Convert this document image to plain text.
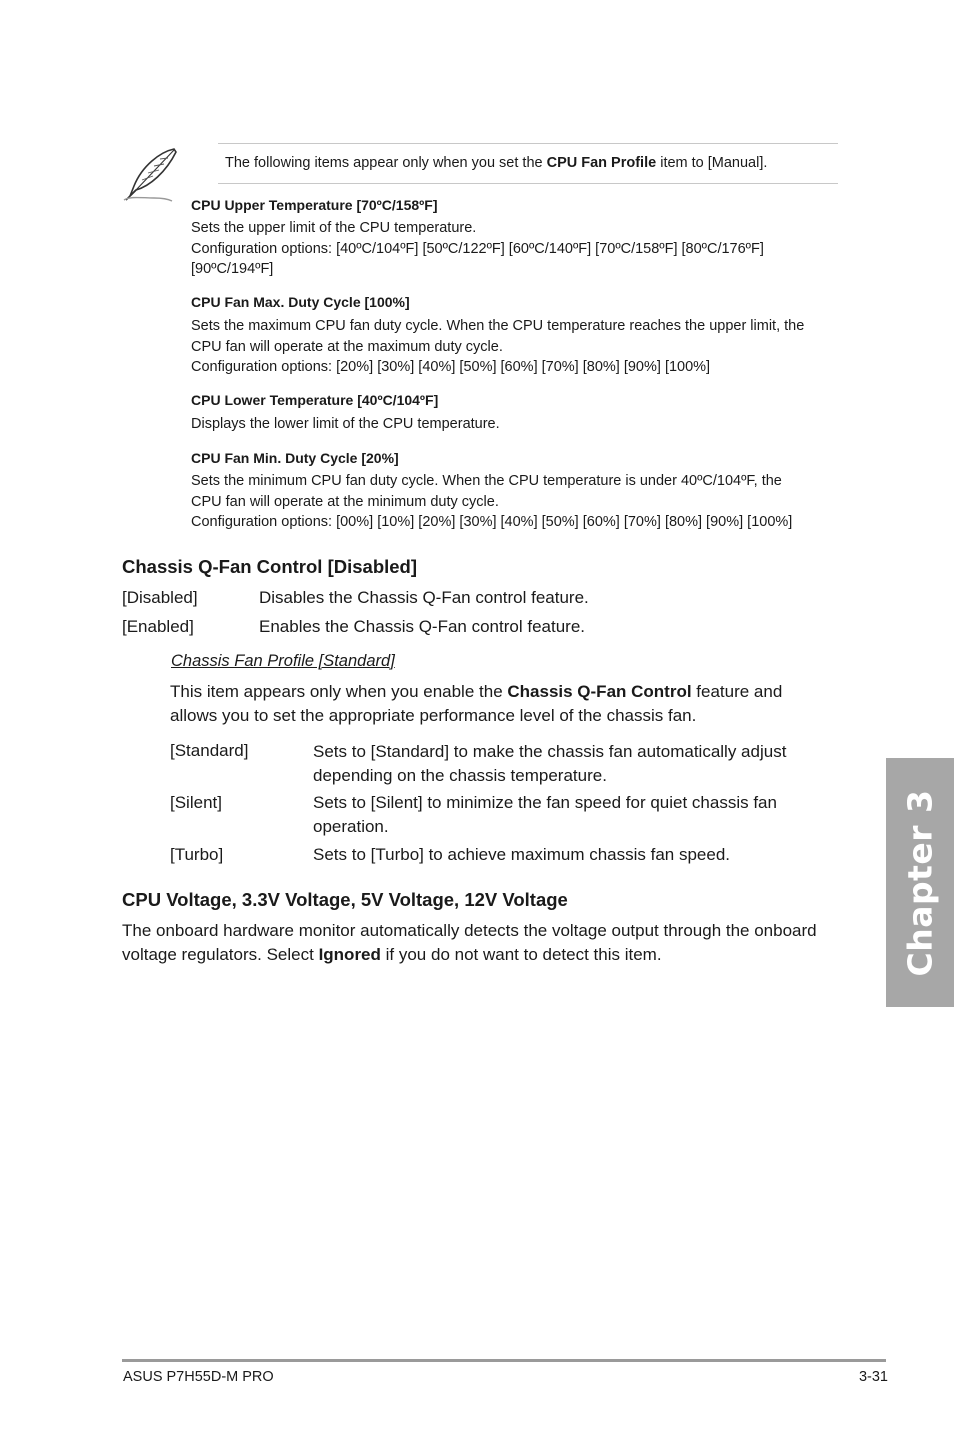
The following items appear only when you set the CPU Fan Profile item to [Manual].
CPU Upper Temperature [70ºC/158ºF]
Sets the upper limit of the CPU temperature.
Configuration options: [40ºC/104ºF] [50ºC/122ºF] [60ºC/140ºF] [70ºC/158ºF] [80ºC/176ºF]
[90ºC/194ºF]
CPU Fan Max. Duty Cycle [100%]
Sets the maximum CPU fan duty cycle. When the CPU temperature reaches the upper limit, the
CPU fan will operate at the maximum duty cycle.
Configuration options: [20%] [30%] [40%] [50%] [60%] [70%] [80%] [90%] [100%]
CPU Lower Temperature [40ºC/104ºF]
Displays the lower limit of the CPU temperature.
CPU Fan Min. Duty Cycle [20%]
Sets the minimum CPU fan duty cycle. When the CPU temperature is under 40ºC/104ºF, the
CPU fan will operate at the minimum duty cycle.
Configuration options: [00%] [10%] [20%] [30%] [40%] [50%] [60%] [70%] [80%] [90%] [100%]
Chassis Q-Fan Control [Disabled]
[Disabled]	Disables the Chassis Q-Fan control feature.
[Enabled]	Enables the Chassis Q-Fan control feature.
Chassis Fan Profile [Standard]
This item appears only when you enable the Chassis Q-Fan Control feature and
allows you to set the appropriate performance level of the chassis fan.
[Standard]	Sets to [Standard] to make the chassis fan automatically adjust
depending on the chassis temperature.
[Silent]	Sets to [Silent] to minimize the fan speed for quiet chassis fan
operation.
[Turbo]	Sets to [Turbo] to achieve maximum chassis fan speed.
CPU Voltage, 3.3V Voltage, 5V Voltage, 12V Voltage
The onboard hardware monitor automatically detects the voltage output through the onboard
voltage regulators. Select Ignored if you do not want to detect this item.	Chapter 3
ASUS P7H55D-M PRO	3-31
